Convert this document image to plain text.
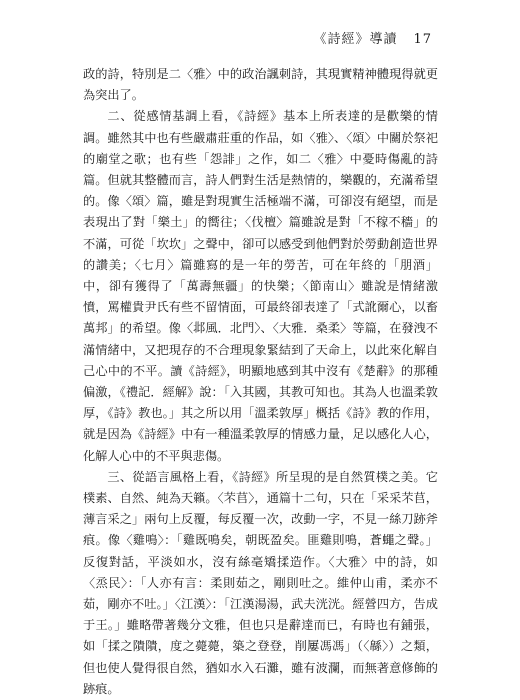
《詩經》導讀 17

政的詩，特別是二〈雅〉中的政治諷刺詩，其現實精神體現得就更為突出了。

二、從感情基調上看，《詩經》基本上所表達的是歡樂的情調。雖然其中也有些嚴肅莊重的作品，如〈雅〉、〈頌〉中關於祭祀的廟堂之歌；也有些「怨誹」之作，如二〈雅〉中憂時傷亂的詩篇。但就其整體而言，詩人們對生活是熱情的，樂觀的，充滿希望的。像〈頌〉篇，雖是對現實生活極端不滿，可卻沒有絕望，而是表現出了對「樂土」的嚮往；〈伐檀〉篇雖說是對「不稼不穡」的不滿，可從「坎坎」之聲中，卻可以感受到他們對於勞動創造世界的讚美；〈七月〉篇雖寫的是一年的勞苦，可在年終的「朋酒」中，卻有獲得了「萬壽無疆」的快樂；〈節南山〉雖說是情緒激憤，罵權貴尹氏有些不留情面，可最終卻表達了「式訛爾心，以畜萬邦」的希望。像〈邶風．北門〉、〈大雅．桑柔〉等篇，在發洩不滿情緒中，又把現存的不合理現象緊結到了天命上，以此來化解自己心中的不平。讀《詩經》，明顯地感到其中沒有《楚辭》的那種偏激，《禮記．經解》說：「入其國，其教可知也。其為人也溫柔敦厚，《詩》教也。」其之所以用「溫柔敦厚」概括《詩》教的作用，就是因為《詩經》中有一種溫柔敦厚的情感力量，足以感化人心，化解人心中的不平與悲傷。

三、從語言風格上看，《詩經》所呈現的是自然質樸之美。它樸素、自然、純為天籟。〈芣苢〉，通篇十二句，只在「采采芣苢，薄言采之」兩句上反覆，每反覆一次，改動一字，不見一絲刀跡斧痕。像〈雞鳴〉：「雞既鳴矣，朝既盈矣。匪雞則鳴，蒼蠅之聲。」反復對話，平淡如水，沒有絲毫矯揉造作。〈大雅〉中的詩，如〈烝民〉：「人亦有言：柔則茹之，剛則吐之。維仲山甫，柔亦不茹，剛亦不吐。」〈江漢〉：「江漢湯湯，武夫洸洸。經營四方，告成于王。」雖略帶著幾分文雅，但也只是辭達而已，有時也有鋪張，如「揉之隤隤，度之薨薨，築之登登，削屢馮馮」（〈緜〉）之類，但也使人覺得很自然，猶如水入石灘，雖有波瀾，而無著意修飾的跡痕。
